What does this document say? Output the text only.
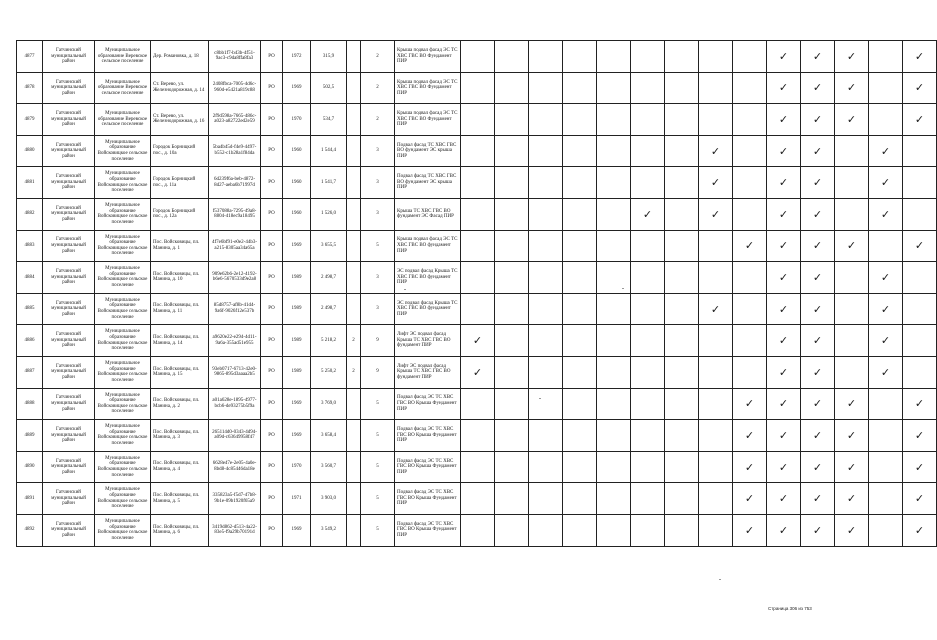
4877	Гатчинский муниципальный район	Муниципальное образование Веревское сельское поселение	Дер. Романовка, д. 18	c8bb1f7-b43b-4f51-9ac3-c9da8ffa8fa3	РО	1972	315,9		2	Крыша подвал фасад ЭС ТС ХВС ГВС ВО Фундамент ПИР										✓	✓	✓		✓
4878	Гатчинский муниципальный район	Муниципальное образование Веревское сельское поселение	Ст. Верево, ул. Железнодорожная, д. 14	2408fbca-7005-4d6c-960d-e5421a819c88	РО	1969	502,5		2	Крыша подвал фасад ЭС ТС ХВС ГВС ВО Фундамент ПИР										✓	✓	✓		✓
4879	Гатчинский муниципальный район	Муниципальное образование Веревское сельское поселение	Ст. Верево, ул. Железнодорожная, д. 16	2f9d598a-7665-486c-a023-a82722ed2e59	РО	1970	534,7		2	Крыша подвал фасад ЭС ТС ХВС ГВС ВО Фундамент ПИР										✓	✓	✓		✓
4880	Гатчинский муниципальный район	Муниципальное образование Войсковицкое сельское поселение	Городок Борницкий пос., д. 10а	5ba4b45d-f4e9-4497-b552-c1b28a1f84da	РО	1960	1 544,4		3	Подвал фасад ТС ХВС ГВС ВО фундамент ЭС крыша ПИР								✓		✓	✓		✓	
4881	Гатчинский муниципальный район	Муниципальное образование Войсковицкое сельское поселение	Городок Борницкий пос., д. 11а	6d239f6a-beb-4872-8d27-aeba6b71997d	РО	1960	1 541,7		3	Подвал фасад ТС ХВС ГВС ВО фундамент ЭС крыша ПИР								✓		✓	✓		✓	
4882	Гатчинский муниципальный район	Муниципальное образование Войсковицкое сельское поселение	Городок Борницкий пос., д. 12а	f537088a-7295-49a8-8804-418ec9a18495	РО	1960	1 526,0		3	Крыша ТС ХВС ГВС ВО фундамент ЭС Фасад ПИР						✓		✓		✓	✓		✓	
4883	Гатчинский муниципальный район	Муниципальное образование Войсковицкое сельское поселение	Пос. Войсковицы, пл. Манина, д. 1	4f7e6bf91-e0e2-44b3-a215-8305aa34a65a	РО	1969	3 655,5		5	Крыша подвал фасад ЭС ТС ХВС ГВС ВО фундамент ПИР									✓	✓	✓	✓		✓
4884	Гатчинский муниципальный район	Муниципальное образование Войсковицкое сельское поселение	Пос. Войсковицы, пл. Манина, д. 10	909e62b6-2e12-4192-b6e6-5670533d9e2a8	РО	1989	2 498,7		3	ЭС подвал фасад Крыша ТС ХВС ГВС ВО фундамент ПИР										✓	✓		✓	
4885	Гатчинский муниципальный район	Муниципальное образование Войсковицкое сельское поселение	Пос. Войсковицы, пл. Манина, д. 11	85d8757-af8b-41d4-9a6f-9026f12e537b	РО	1989	2 498,7		3	ЭС подвал фасад Крыша ТС ХВС ГВС ВО фундамент ПИР								✓		✓	✓		✓	
4886	Гатчинский муниципальный район	Муниципальное образование Войсковицкое сельское поселение	Пос. Войсковицы, пл. Манина, д. 14	a9620e22-e294-4d11-9a6a-355ad51e955	РО	1989	5 218,2	2	9	Лифт ЭС подвал фасад Крыша ТС ХВС ГВС ВО фундамент ПИР	✓									✓	✓		✓	
4887	Гатчинский муниципальный район	Муниципальное образование Войсковицкое сельское поселение	Пос. Войсковицы, пл. Манина, д. 15	93eb0717-6713-42e0-9865-895d3aaaa2b5	РО	1989	5 250,2	2	9	Лифт ЭС подвал фасад Крыша ТС ХВС ГВС ВО фундамент ПИР	✓									✓	✓		✓	
4888	Гатчинский муниципальный район	Муниципальное образование Войсковицкое сельское поселение	Пос. Войсковицы, пл. Манина, д. 2	a01a628e-1895-4977-bcb6-de93275b5f9a	РО	1969	3 769,0		5	Подвал фасад ЭС ТС ХВС ГВС ВО Крыша Фундамент ПИР									✓	✓	✓	✓		✓
4889	Гатчинский муниципальный район	Муниципальное образование Войсковицкое сельское поселение	Пос. Войсковицы, пл. Манина, д. 3	265114d0-0343-4d94-a09d-c63649958f47	РО	1969	3 658,4		5	Подвал фасад ЭС ТС ХВС ГВС ВО Крыша Фундамент ПИР									✓	✓	✓	✓		✓
4890	Гатчинский муниципальный район	Муниципальное образование Войсковицкое сельское поселение	Пос. Войсковицы, пл. Манина, д. 4	6628e47e-2e05-4a0e-8bd8-4c85446da18e	РО	1970	3 560,7		5	Подвал фасад ЭС ТС ХВС ГВС ВО Крыша Фундамент ПИР									✓	✓	✓	✓		✓
4891	Гатчинский муниципальный район	Муниципальное образование Войсковицкое сельское поселение	Пос. Войсковицы, пл. Манина, д. 5	335823a5-f5d7-47b8-9b1e-09b1920f65a9	РО	1971	3 903,0		5	Подвал фасад ЭС ТС ХВС ГВС ВО Крыша Фундамент ПИР									✓	✓	✓	✓		✓
4892	Гатчинский муниципальный район	Муниципальное образование Войсковицкое сельское поселение	Пос. Войсковицы, пл. Манина, д. 6	3419d862-d513-4a22-83e5-f9a29b70191d	РО	1969	3 549,2		5	Подвал фасад ЭС ТС ХВС ГВС ВО Крыша Фундамент ПИР									✓	✓	✓	✓		✓
Страница 306 из 753
